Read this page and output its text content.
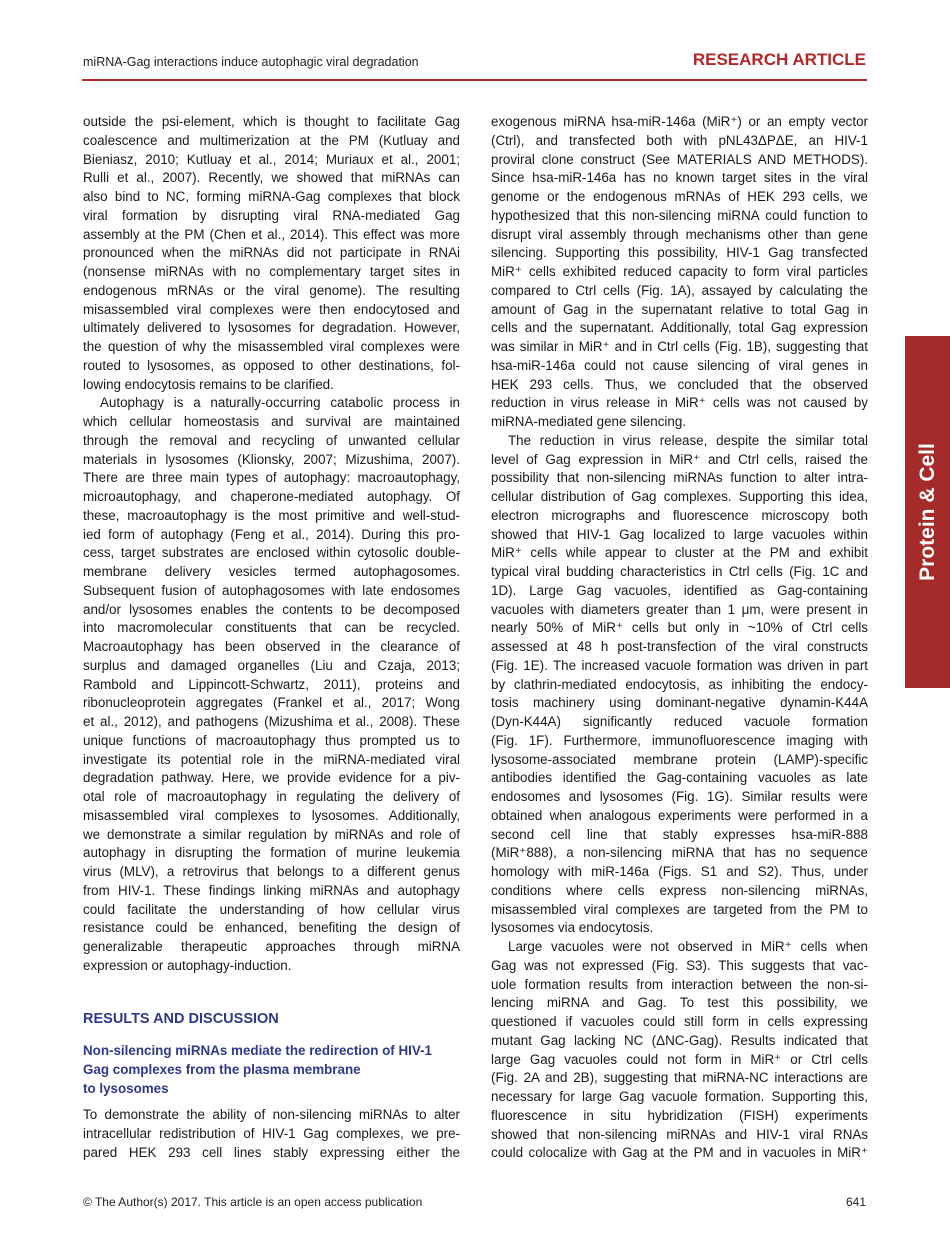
miRNA-Gag interactions induce autophagic viral degradation	RESEARCH ARTICLE
outside the psi-element, which is thought to facilitate Gag
coalescence and multimerization at the PM (Kutluay and
Bieniasz, 2010; Kutluay et al., 2014; Muriaux et al., 2001;
Rulli et al., 2007). Recently, we showed that miRNAs can
also bind to NC, forming miRNA-Gag complexes that block
viral formation by disrupting viral RNA-mediated Gag
assembly at the PM (Chen et al., 2014). This effect was more
pronounced when the miRNAs did not participate in RNAi
(nonsense miRNAs with no complementary target sites in
endogenous mRNAs or the viral genome). The resulting
misassembled viral complexes were then endocytosed and
ultimately delivered to lysosomes for degradation. However,
the question of why the misassembled viral complexes were
routed to lysosomes, as opposed to other destinations, fol-
lowing endocytosis remains to be clarified.
Autophagy is a naturally-occurring catabolic process in
which cellular homeostasis and survival are maintained
through the removal and recycling of unwanted cellular
materials in lysosomes (Klionsky, 2007; Mizushima, 2007).
There are three main types of autophagy: macroautophagy,
microautophagy, and chaperone-mediated autophagy. Of
these, macroautophagy is the most primitive and well-stud-
ied form of autophagy (Feng et al., 2014). During this pro-
cess, target substrates are enclosed within cytosolic double-
membrane delivery vesicles termed autophagosomes.
Subsequent fusion of autophagosomes with late endosomes
and/or lysosomes enables the contents to be decomposed
into macromolecular constituents that can be recycled.
Macroautophagy has been observed in the clearance of
surplus and damaged organelles (Liu and Czaja, 2013;
Rambold and Lippincott-Schwartz, 2011), proteins and
ribonucleoprotein aggregates (Frankel et al., 2017; Wong
et al., 2012), and pathogens (Mizushima et al., 2008). These
unique functions of macroautophagy thus prompted us to
investigate its potential role in the miRNA-mediated viral
degradation pathway. Here, we provide evidence for a piv-
otal role of macroautophagy in regulating the delivery of
misassembled viral complexes to lysosomes. Additionally,
we demonstrate a similar regulation by miRNAs and role of
autophagy in disrupting the formation of murine leukemia
virus (MLV), a retrovirus that belongs to a different genus
from HIV-1. These findings linking miRNAs and autophagy
could facilitate the understanding of how cellular virus
resistance could be enhanced, benefiting the design of
generalizable therapeutic approaches through miRNA
expression or autophagy-induction.
RESULTS AND DISCUSSION
Non-silencing miRNAs mediate the redirection of HIV-1
Gag complexes from the plasma membrane
to lysosomes
To demonstrate the ability of non-silencing miRNAs to alter
intracellular redistribution of HIV-1 Gag complexes, we pre-
pared HEK 293 cell lines stably expressing either the
exogenous miRNA hsa-miR-146a (MiR⁺) or an empty vector
(Ctrl), and transfected both with pNL43ΔPΔE, an HIV-1
proviral clone construct (See MATERIALS AND METHODS).
Since hsa-miR-146a has no known target sites in the viral
genome or the endogenous mRNAs of HEK 293 cells, we
hypothesized that this non-silencing miRNA could function to
disrupt viral assembly through mechanisms other than gene
silencing. Supporting this possibility, HIV-1 Gag transfected
MiR⁺ cells exhibited reduced capacity to form viral particles
compared to Ctrl cells (Fig. 1A), assayed by calculating the
amount of Gag in the supernatant relative to total Gag in
cells and the supernatant. Additionally, total Gag expression
was similar in MiR⁺ and in Ctrl cells (Fig. 1B), suggesting that
hsa-miR-146a could not cause silencing of viral genes in
HEK 293 cells. Thus, we concluded that the observed
reduction in virus release in MiR⁺ cells was not caused by
miRNA-mediated gene silencing.
The reduction in virus release, despite the similar total
level of Gag expression in MiR⁺ and Ctrl cells, raised the
possibility that non-silencing miRNAs function to alter intra-
cellular distribution of Gag complexes. Supporting this idea,
electron micrographs and fluorescence microscopy both
showed that HIV-1 Gag localized to large vacuoles within
MiR⁺ cells while appear to cluster at the PM and exhibit
typical viral budding characteristics in Ctrl cells (Fig. 1C and
1D). Large Gag vacuoles, identified as Gag-containing
vacuoles with diameters greater than 1 μm, were present in
nearly 50% of MiR⁺ cells but only in ~10% of Ctrl cells
assessed at 48 h post-transfection of the viral constructs
(Fig. 1E). The increased vacuole formation was driven in part
by clathrin-mediated endocytosis, as inhibiting the endocy-
tosis machinery using dominant-negative dynamin-K44A
(Dyn-K44A) significantly reduced vacuole formation
(Fig. 1F). Furthermore, immunofluorescence imaging with
lysosome-associated membrane protein (LAMP)-specific
antibodies identified the Gag-containing vacuoles as late
endosomes and lysosomes (Fig. 1G). Similar results were
obtained when analogous experiments were performed in a
second cell line that stably expresses hsa-miR-888
(MiR⁺888), a non-silencing miRNA that has no sequence
homology with miR-146a (Figs. S1 and S2). Thus, under
conditions where cells express non-silencing miRNAs,
misassembled viral complexes are targeted from the PM to
lysosomes via endocytosis.
Large vacuoles were not observed in MiR⁺ cells when
Gag was not expressed (Fig. S3). This suggests that vac-
uole formation results from interaction between the non-si-
lencing miRNA and Gag. To test this possibility, we
questioned if vacuoles could still form in cells expressing
mutant Gag lacking NC (ΔNC-Gag). Results indicated that
large Gag vacuoles could not form in MiR⁺ or Ctrl cells
(Fig. 2A and 2B), suggesting that miRNA-NC interactions are
necessary for large Gag vacuole formation. Supporting this,
fluorescence in situ hybridization (FISH) experiments
showed that non-silencing miRNAs and HIV-1 viral RNAs
could colocalize with Gag at the PM and in vacuoles in MiR⁺
Protein & Cell
© The Author(s) 2017. This article is an open access publication	641
